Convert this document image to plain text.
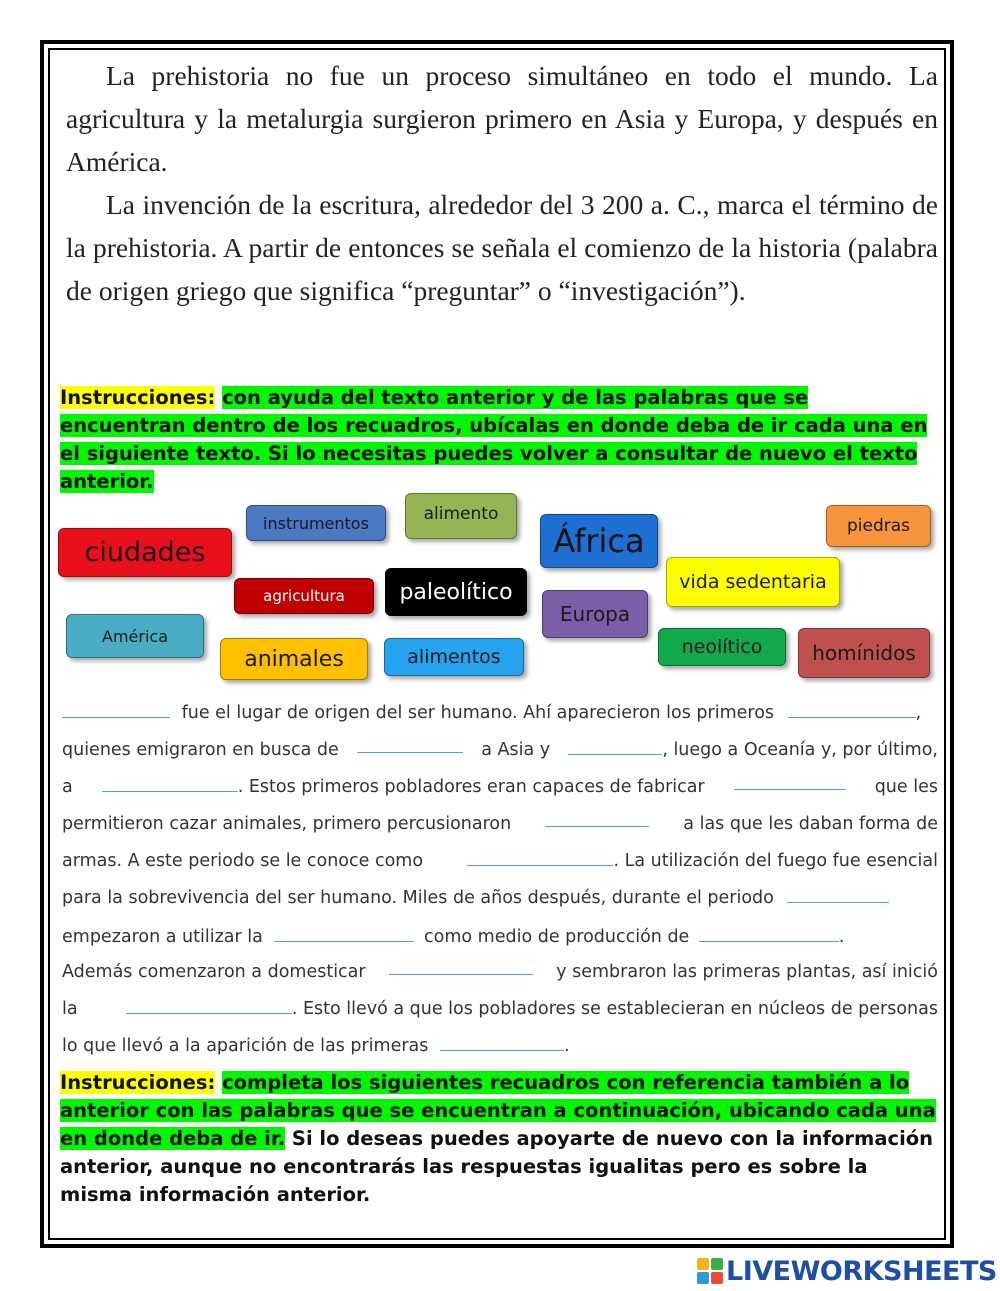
La prehistoria no fue un proceso simultáneo en todo el mundo. La agricultura y la metalurgia surgieron primero en Asia y Europa, y después en América.

La invención de la escritura, alrededor del 3 200 a. C., marca el término de la prehistoria. A partir de entonces se señala el comienzo de la historia (palabra de origen griego que significa “preguntar” o “investigación”).

Instrucciones: con ayuda del texto anterior y de las palabras que se encuentran dentro de los recuadros, ubícalas en donde deba de ir cada una en el siguiente texto. Si lo necesitas puedes volver a consultar de nuevo el texto anterior.
ciudades
instrumentos	alimento
África	piedras
agricultura	paleolítico	vida sedentaria
Europa
América
animales	alimentos	neolítico	homínidos
fue el lugar de origen del ser humano. Ahí aparecieron los primeros	,
quienes emigraron en busca de	a Asia y	, luego a Oceanía y, por último,
a	. Estos primeros pobladores eran capaces de fabricar	que les
permitieron cazar animales, primero percusionaron	a las que les daban forma de
armas. A este periodo se le conoce como	. La utilización del fuego fue esencial
para la sobrevivencia del ser humano. Miles de años después, durante el periodo
empezaron a utilizar la	como medio de producción de	.
Además comenzaron a domesticar	y sembraron las primeras plantas, así inició
la	. Esto llevó a que los pobladores se establecieran en núcleos de personas
lo que llevó a la aparición de las primeras	.
Instrucciones: completa los siguientes recuadros con referencia también a lo anterior con las palabras que se encuentran a continuación, ubicando cada una en donde deba de ir. Si lo deseas puedes apoyarte de nuevo con la información anterior, aunque no encontrarás las respuestas igualitas pero es sobre la misma información anterior.
LIVEWORKSHEETS
